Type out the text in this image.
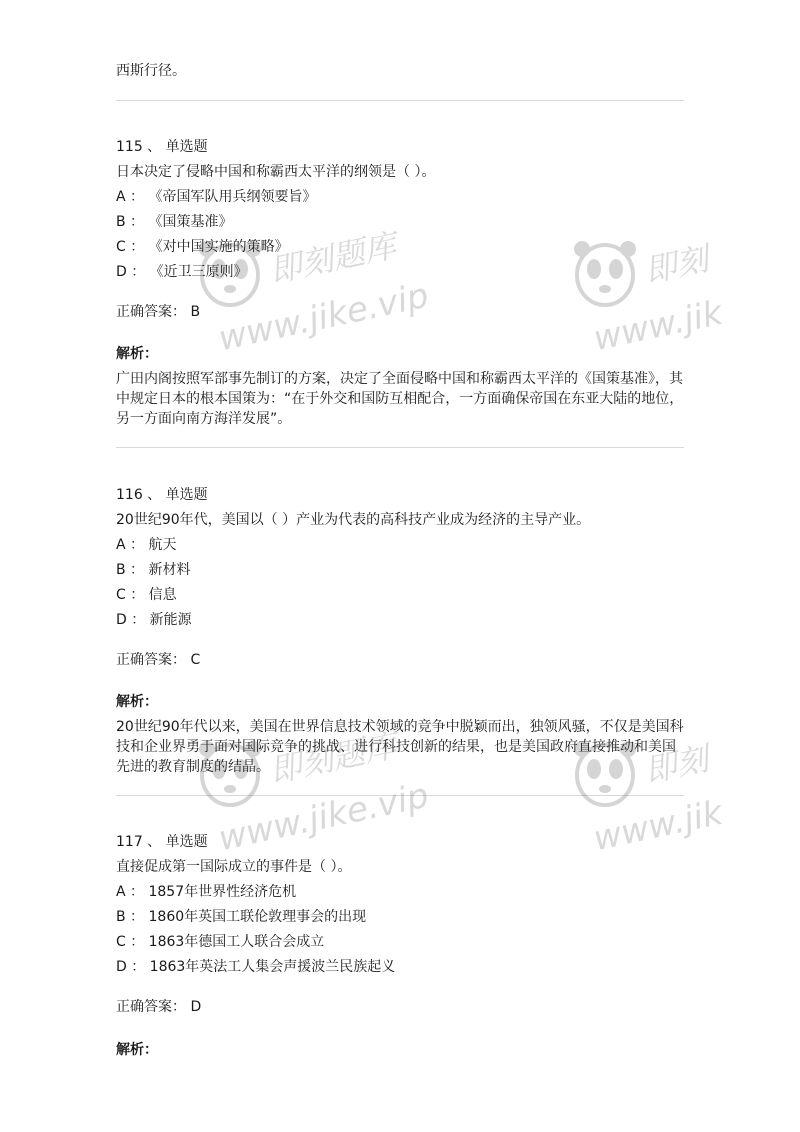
西斯行径。
115 、 单选题
日本决定了侵略中国和称霸西太平洋的纲领是（ ）。
A ： 《帝国军队用兵纲领要旨》
B ： 《国策基准》
C ： 《对中国实施的策略》
D ： 《近卫三原则》
正确答案： B
解析：
广田内阁按照军部事先制订的方案，决定了全面侵略中国和称霸西太平洋的《国策基准》，其中规定日本的根本国策为：“在于外交和国防互相配合，一方面确保帝国在东亚大陆的地位，另一方面向南方海洋发展”。
116 、 单选题
20世纪90年代，美国以（ ）产业为代表的高科技产业成为经济的主导产业。
A ： 航天
B ： 新材料
C ： 信息
D ： 新能源
正确答案： C
解析：
20世纪90年代以来，美国在世界信息技术领域的竞争中脱颖而出，独领风骚，不仅是美国科技和企业界勇于面对国际竞争的挑战、进行科技创新的结果，也是美国政府直接推动和美国先进的教育制度的结晶。
117 、 单选题
直接促成第一国际成立的事件是（ ）。
A ： 1857年世界性经济危机
B ： 1860年英国工联伦敦理事会的出现
C ： 1863年德国工人联合会成立
D ： 1863年英法工人集会声援波兰民族起义
正确答案： D
解析：
即刻题库
www.jike.vip
即刻
www.jik
即刻题库
www.jike.vip
即刻
www.jik
